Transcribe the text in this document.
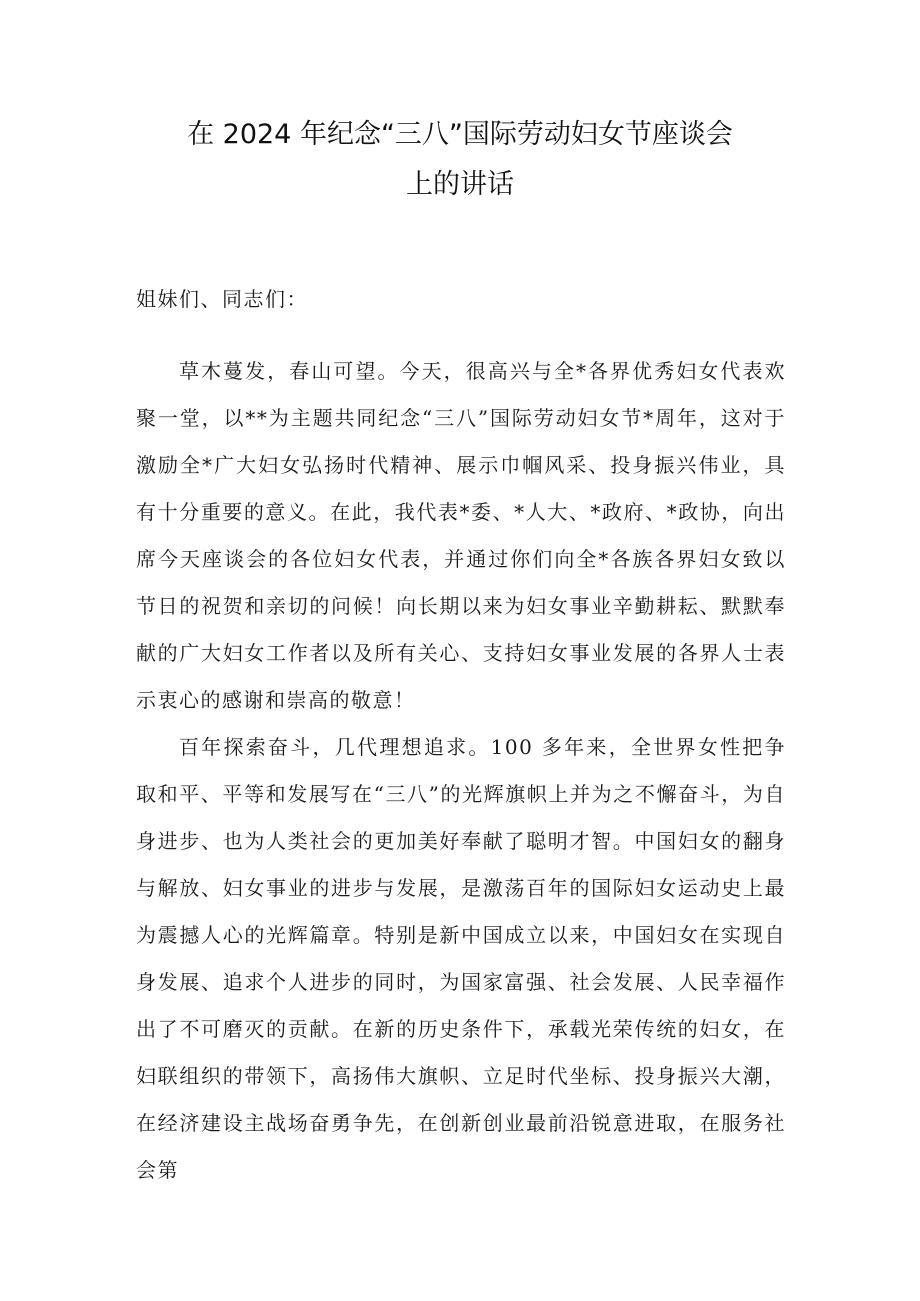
在 2024 年纪念“三八”国际劳动妇女节座谈会
上的讲话
姐妹们、同志们：
草木蔓发，春山可望。今天，很高兴与全*各界优秀妇女代表欢聚一堂，以**为主题共同纪念“三八”国际劳动妇女节*周年，这对于激励全*广大妇女弘扬时代精神、展示巾帼风采、投身振兴伟业，具有十分重要的意义。在此，我代表*委、*人大、*政府、*政协，向出席今天座谈会的各位妇女代表，并通过你们向全*各族各界妇女致以节日的祝贺和亲切的问候！向长期以来为妇女事业辛勤耕耘、默默奉献的广大妇女工作者以及所有关心、支持妇女事业发展的各界人士表示衷心的感谢和崇高的敬意！
百年探索奋斗，几代理想追求。100 多年来，全世界女性把争取和平、平等和发展写在“三八”的光辉旗帜上并为之不懈奋斗，为自身进步、也为人类社会的更加美好奉献了聪明才智。中国妇女的翻身与解放、妇女事业的进步与发展，是激荡百年的国际妇女运动史上最为震撼人心的光辉篇章。特别是新中国成立以来，中国妇女在实现自身发展、追求个人进步的同时，为国家富强、社会发展、人民幸福作出了不可磨灭的贡献。在新的历史条件下，承载光荣传统的妇女，在妇联组织的带领下，高扬伟大旗帜、立足时代坐标、投身振兴大潮，在经济建设主战场奋勇争先，在创新创业最前沿锐意进取，在服务社会第
